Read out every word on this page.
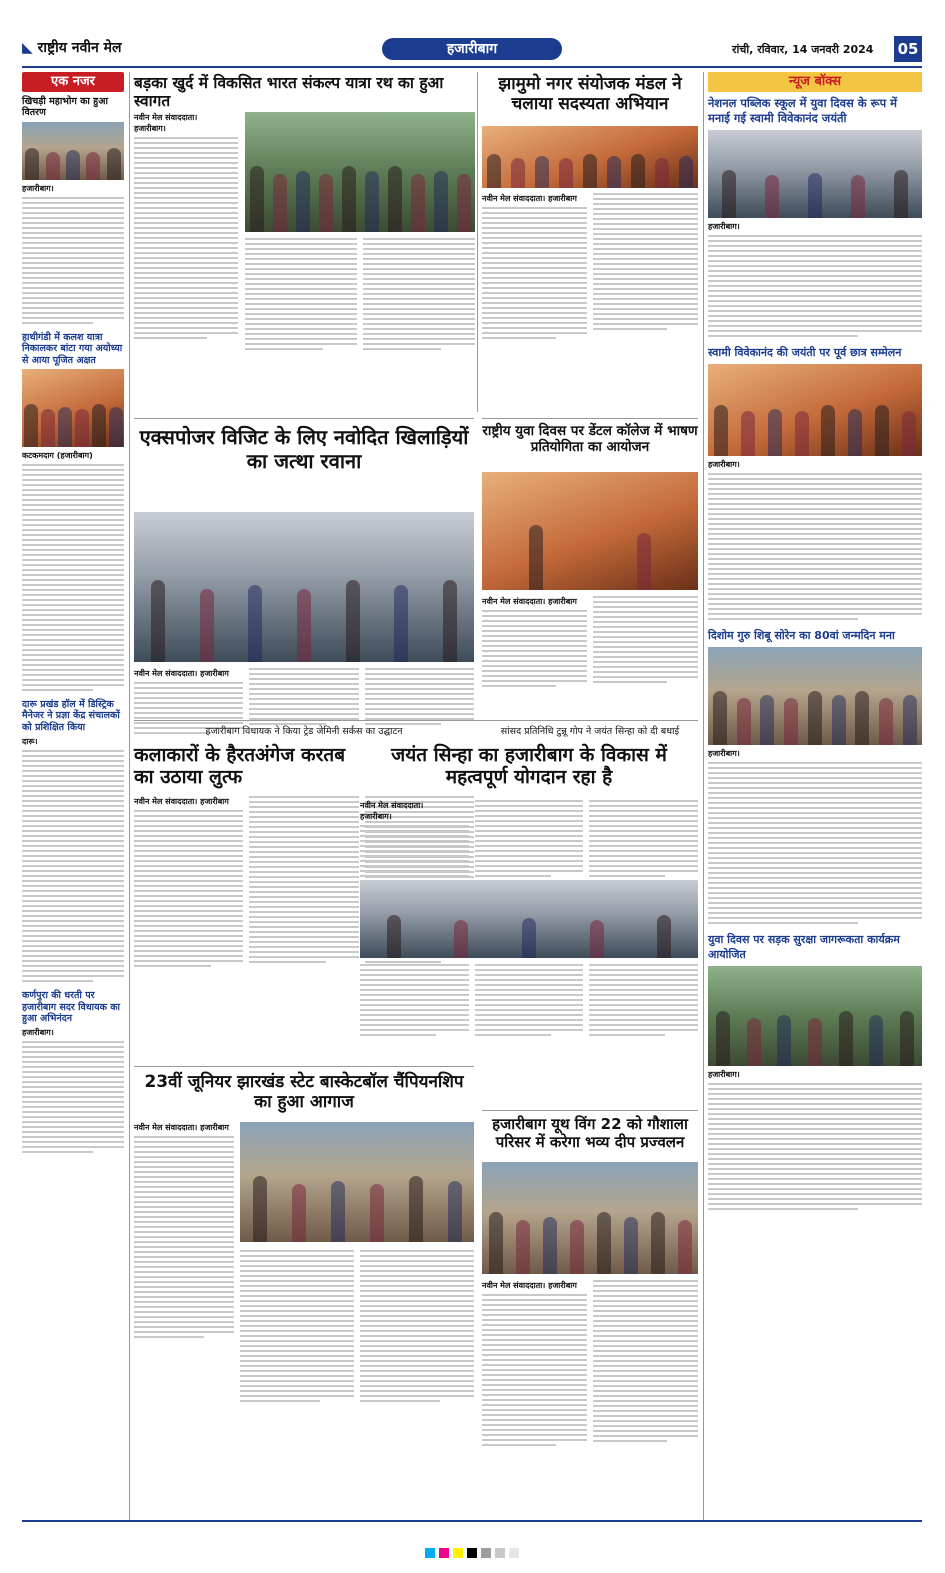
◣ राष्ट्रीय नवीन मेल	हजारीबाग	रांची, रविवार, 14 जनवरी 2024 05
एक नजर
खिचड़ी महाभोग का हुआ वितरण
हजारीबाग।
हाथीगंडी में कलश यात्रा निकालकर बांटा गया अयोध्या से आया पूजित अक्षत
कटकमदाग (हजारीबाग)
दारू प्रखंड हॉल में डिस्ट्रिक मैनेजर ने प्रज्ञा केंद्र संचालकों को प्रशिक्षित किया
दारू।
कर्णपुरा की धरती पर हजारीबाग सदर विधायक का हुआ अभिनंदन
हजारीबाग।
बड़का खुर्द में विकसित भारत संकल्प यात्रा रथ का हुआ स्वागत
नवीन मेल संवाददाता।
हजारीबाग।
झामुमो नगर संयोजक मंडल ने चलाया सदस्यता अभियान
नवीन मेल संवाददाता। हजारीबाग
एक्सपोजर विजिट के लिए नवोदित खिलाड़ियों का जत्था रवाना
नवीन मेल संवाददाता। हजारीबाग
राष्ट्रीय युवा दिवस पर डेंटल कॉलेज में भाषण प्रतियोगिता का आयोजन
नवीन मेल संवाददाता। हजारीबाग
हजारीबाग विधायक ने किया ट्रेड जेमिनी सर्कस का उद्घाटन	सांसद प्रतिनिधि टुन्नू गोप ने जयंत सिन्हा को दी बधाई
कलाकारों के हैरतअंगेज करतब का उठाया लुत्फ
नवीन मेल संवाददाता। हजारीबाग
जयंत सिन्हा का हजारीबाग के विकास में महत्वपूर्ण योगदान रहा है
नवीन मेल संवाददाता।
हजारीबाग।
23वीं जूनियर झारखंड स्टेट बास्केटबॉल चैंपियनशिप का हुआ आगाज
नवीन मेल संवाददाता। हजारीबाग	हजारीबाग यूथ विंग 22 को गौशाला परिसर में करेगा भव्य दीप प्रज्वलन
नवीन मेल संवाददाता। हजारीबाग
न्यूज बॉक्स
नेशनल पब्लिक स्कूल में युवा दिवस के रूप में मनाई गई स्वामी विवेकानंद जयंती
हजारीबाग।
स्वामी विवेकानंद की जयंती पर पूर्व छात्र सम्मेलन
हजारीबाग।
दिशोम गुरु शिबू सोरेन का 80वां जन्मदिन मना
हजारीबाग।
युवा दिवस पर सड़क सुरक्षा जागरूकता कार्यक्रम आयोजित
हजारीबाग।
